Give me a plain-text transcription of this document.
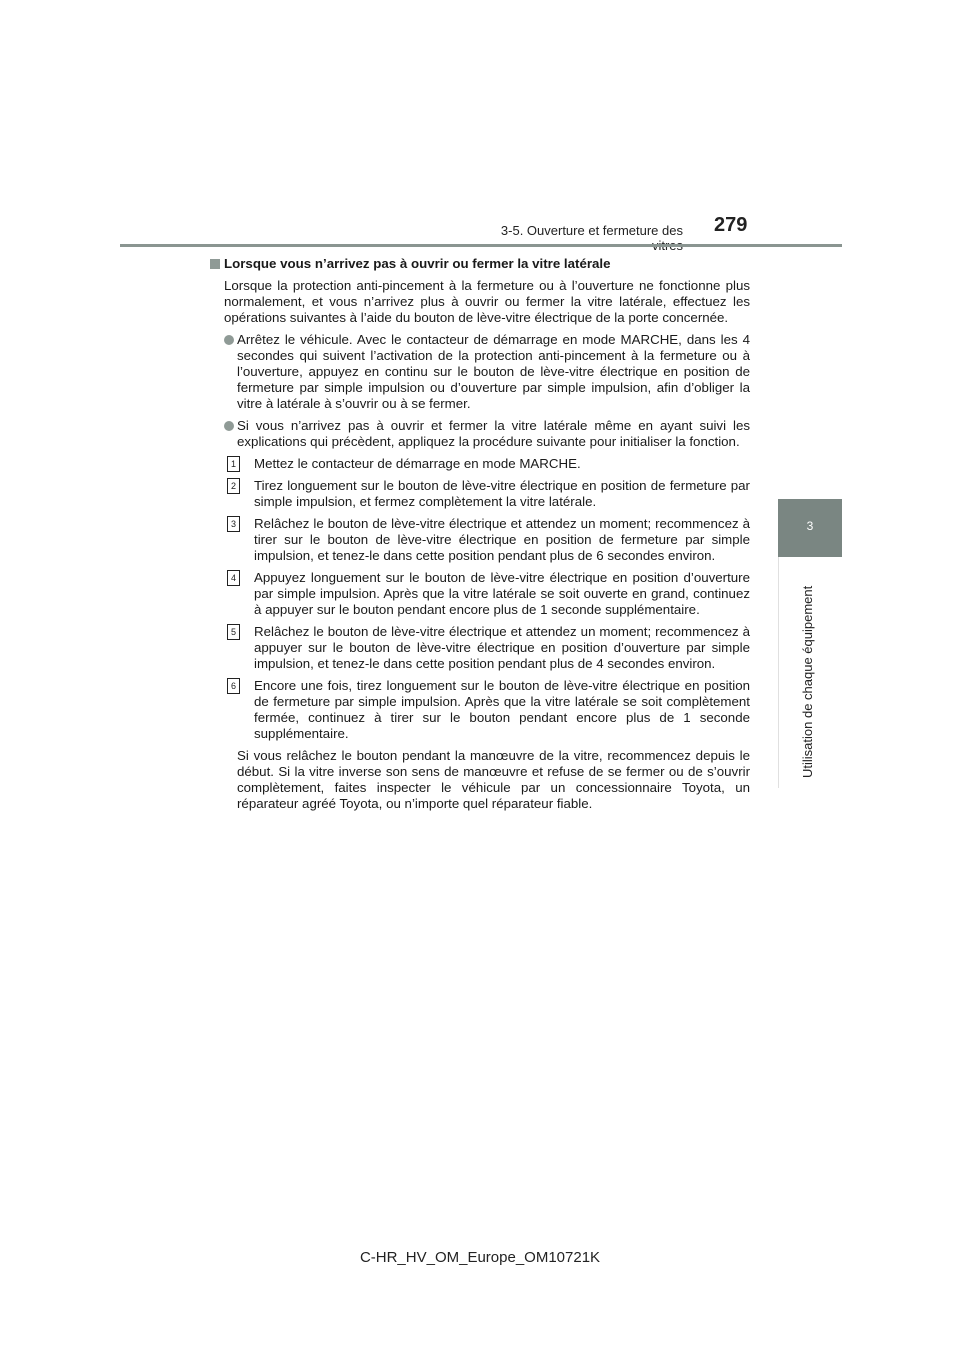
3-5. Ouverture et fermeture des 279
3
Utilisation de chaque équipement
Lorsque vous n’arrivez pas à ouvrir ou fermer la vitre latérale
Lorsque la protection anti-pincement à la fermeture ou à l’ouverture ne fonctionne plus normalement, et vous n’arrivez plus à ouvrir ou fermer la vitre latérale, effectuez les opérations suivantes à l’aide du bouton de lève-vitre électrique de la porte concernée.
Arrêtez le véhicule. Avec le contacteur de démarrage en mode MARCHE, dans les 4 secondes qui suivent l’activation de la protection anti-pincement à la fermeture ou à l’ouverture, appuyez en continu sur le bouton de lève-vitre électrique en position de fermeture par simple impulsion ou d’ouverture par simple impulsion, afin d’obliger la vitre à latérale à s’ouvrir ou à se fermer.
Si vous n’arrivez pas à ouvrir et fermer la vitre latérale même en ayant suivi les explications qui précèdent, appliquez la procédure suivante pour initialiser la fonction.
1	Mettez le contacteur de démarrage en mode MARCHE.
2	Tirez longuement sur le bouton de lève-vitre électrique en position de fermeture par simple impulsion, et fermez complètement la vitre latérale.
3	Relâchez le bouton de lève-vitre électrique et attendez un moment; recommencez à tirer sur le bouton de lève-vitre électrique en position de fermeture par simple impulsion, et tenez-le dans cette position pendant plus de 6 secondes environ.
4	Appuyez longuement sur le bouton de lève-vitre électrique en position d’ouverture par simple impulsion. Après que la vitre latérale se soit ouverte en grand, continuez à appuyer sur le bouton pendant encore plus de 1 seconde supplémentaire.
5	Relâchez le bouton de lève-vitre électrique et attendez un moment; recommencez à appuyer sur le bouton de lève-vitre électrique en position d’ouverture par simple impulsion, et tenez-le dans cette position pendant plus de 4 secondes environ.
6	Encore une fois, tirez longuement sur le bouton de lève-vitre électrique en position de fermeture par simple impulsion. Après que la vitre latérale se soit complètement fermée, continuez à tirer sur le bouton pendant encore plus de 1 seconde supplémentaire.
Si vous relâchez le bouton pendant la manœuvre de la vitre, recommencez depuis le début. Si la vitre inverse son sens de manœuvre et refuse de se fermer ou de s’ouvrir complètement, faites inspecter le véhicule par un concessionnaire Toyota, un réparateur agréé Toyota, ou n’importe quel réparateur fiable.
C-HR_HV_OM_Europe_OM10721K
